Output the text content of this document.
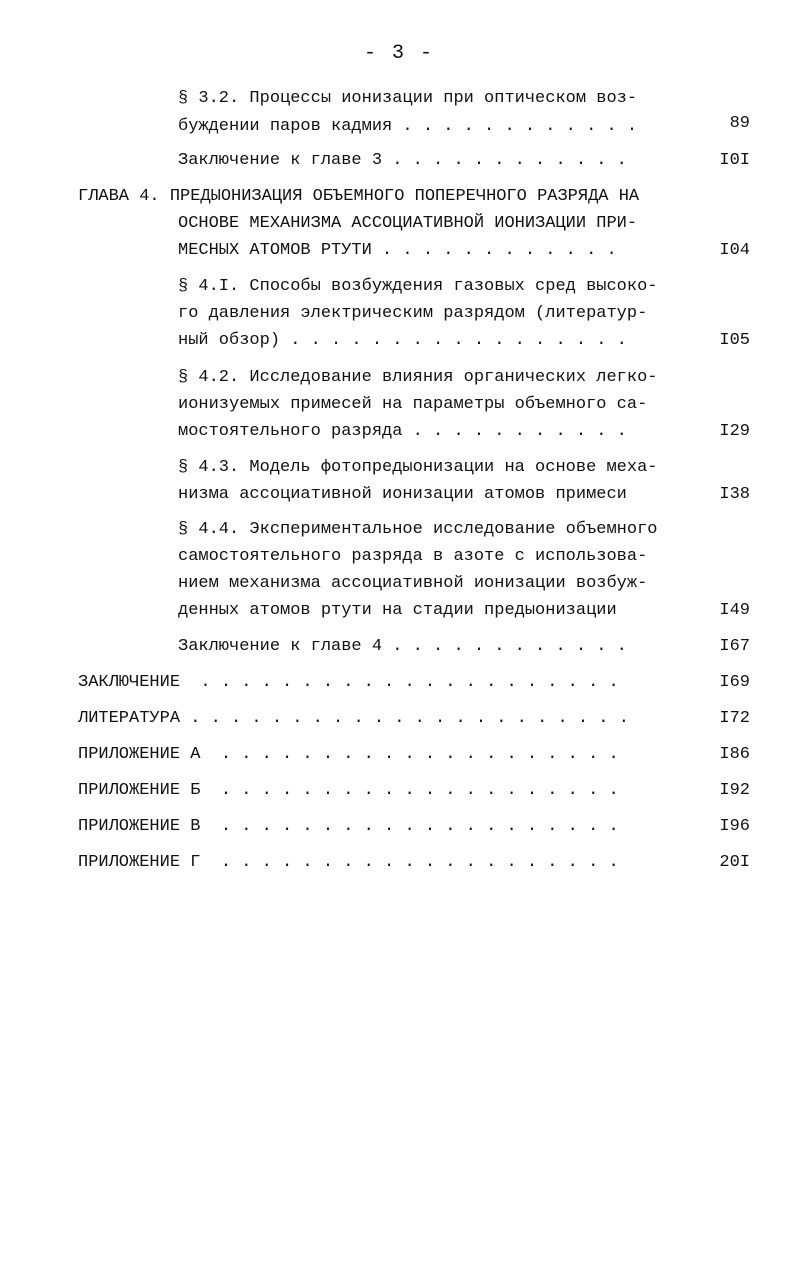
- 3 -
§ 3.2. Процессы ионизации при оптическом воз-
буждении паров кадмия . . . . . . . . . . . .	89
Заключение к главе 3 . . . . . . . . . . . .	I0I
ГЛАВА 4. ПРЕДЫОНИЗАЦИЯ ОБЪЕМНОГО ПОПЕРЕЧНОГО РАЗРЯДА НА
ОСНОВЕ МЕХАНИЗМА АССОЦИАТИВНОЙ ИОНИЗАЦИИ ПРИ-
МЕСНЫХ АТОМОВ РТУТИ . . . . . . . . . . . .	I04
§ 4.I. Способы возбуждения газовых сред высоко-
го давления электрическим разрядом (литератур-
ный обзор) . . . . . . . . . . . . . . . . .	I05
§ 4.2. Исследование влияния органических легко-
ионизуемых примесей на параметры объемного са-
мостоятельного разряда . . . . . . . . . . .	I29
§ 4.3. Модель фотопредыонизации на основе меха-
низма ассоциативной ионизации атомов примеси	I38
§ 4.4. Экспериментальное исследование объемного
самостоятельного разряда в азоте с использова-
нием механизма ассоциативной ионизации возбуж-
денных атомов ртути на стадии предыонизации	I49
Заключение к главе 4 . . . . . . . . . . . .	I67
ЗАКЛЮЧЕНИЕ  . . . . . . . . . . . . . . . . . . . . .	I69
ЛИТЕРАТУРА . . . . . . . . . . . . . . . . . . . . . .	I72
ПРИЛОЖЕНИЕ А  . . . . . . . . . . . . . . . . . . . .	I86
ПРИЛОЖЕНИЕ Б  . . . . . . . . . . . . . . . . . . . .	I92
ПРИЛОЖЕНИЕ В  . . . . . . . . . . . . . . . . . . . .	I96
ПРИЛОЖЕНИЕ Г  . . . . . . . . . . . . . . . . . . . .	20I
